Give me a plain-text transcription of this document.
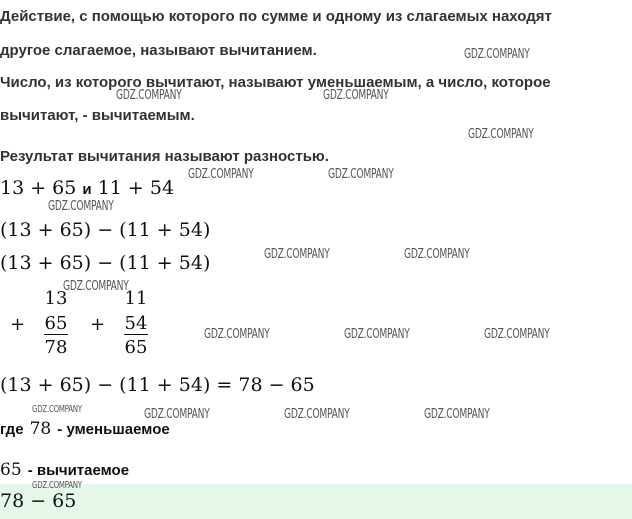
Действие, с помощью которого по сумме и одному из слагаемых находят
другое слагаемое, называют вычитанием.
Число, из которого вычитают, называют уменьшаемым, а число, которое
вычитают, - вычитаемым.
Результат вычитания называют разностью.
13 + 65 и 11 + 54
(13 + 65) − (11 + 54)
(13 + 65) − (11 + 54)
13
+ 65
78
11
+ 54
65
(13 + 65) − (11 + 54) = 78 − 65
где 78 - уменьшаемое
65 - вычитаемое
78 − 65
GDZ.COMPANY
GDZ.COMPANY	GDZ.COMPANY
GDZ.COMPANY
GDZ.COMPANY	GDZ.COMPANY
GDZ.COMPANY
GDZ.COMPANY	GDZ.COMPANY
GDZ.COMPANY
GDZ.COMPANY	GDZ.COMPANY	GDZ.COMPANY
GDZ.COMPANY	GDZ.COMPANY	GDZ.COMPANY	GDZ.COMPANY
GDZ.COMPANY
